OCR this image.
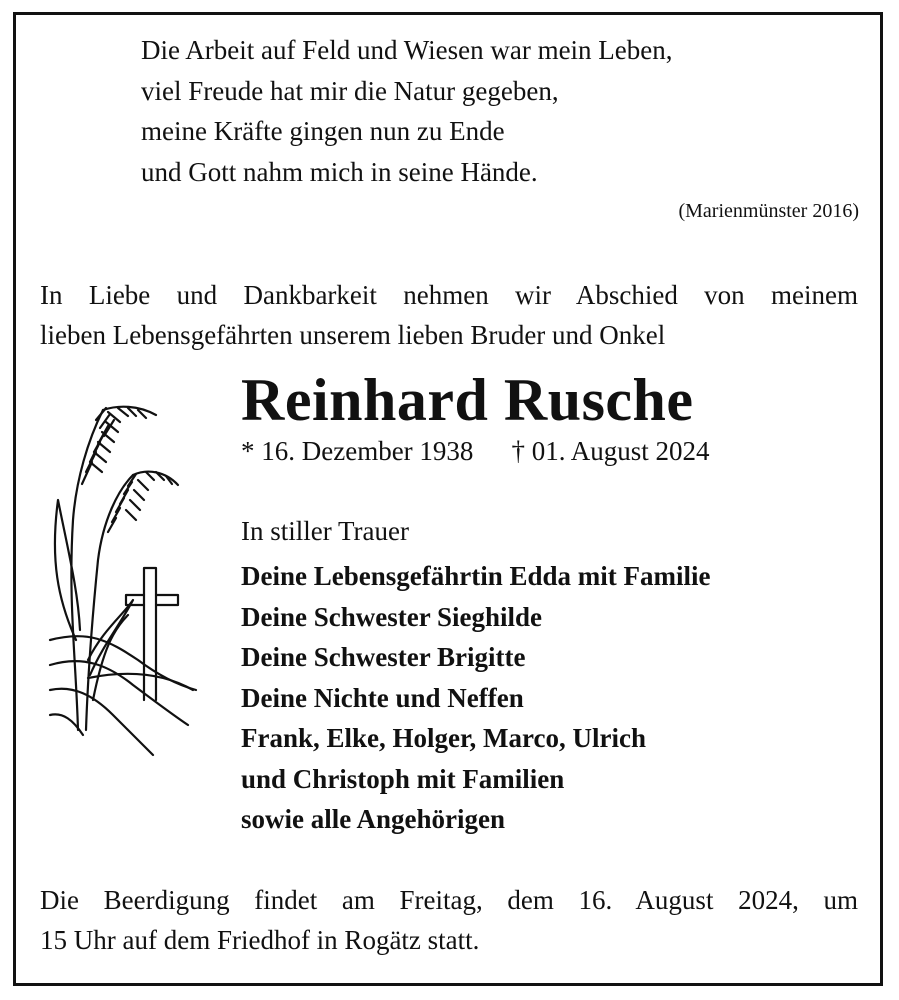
Die Arbeit auf Feld und Wiesen war mein Leben,
viel Freude hat mir die Natur gegeben,
meine Kräfte gingen nun zu Ende
und Gott nahm mich in seine Hände.
(Marienmünster 2016)
In Liebe und Dankbarkeit nehmen wir Abschied von meinem
lieben Lebensgefährten unserem lieben Bruder und Onkel
Reinhard Rusche
* 16. Dezember 1938 † 01. August 2024
In stiller Trauer
Deine Lebensgefährtin Edda mit Familie
Deine Schwester Sieghilde
Deine Schwester Brigitte
Deine Nichte und Neffen
Frank, Elke, Holger, Marco, Ulrich
und Christoph mit Familien
sowie alle Angehörigen
Die Beerdigung findet am Freitag, dem 16. August 2024, um
15 Uhr auf dem Friedhof in Rogätz statt.
